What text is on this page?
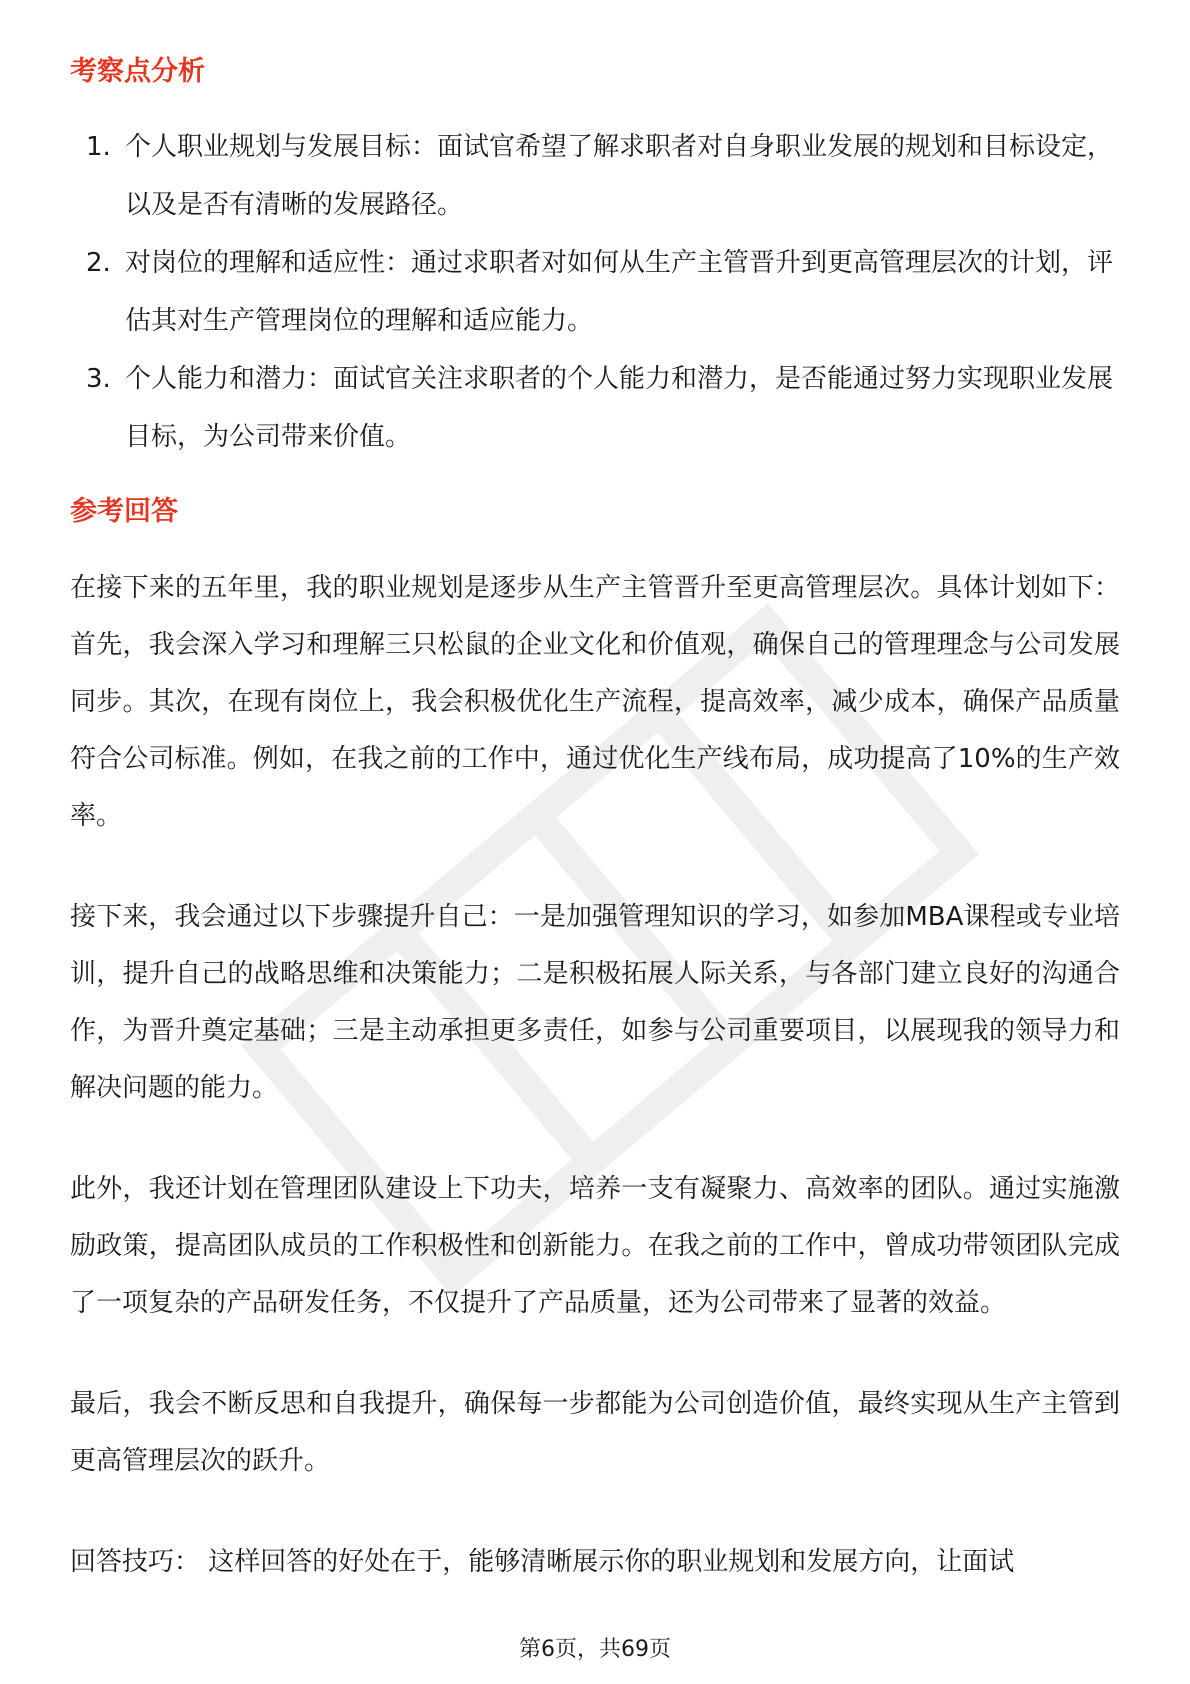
考察点分析
1. 个人职业规划与发展目标：面试官希望了解求职者对自身职业发展的规划和目标设定，以及是否有清晰的发展路径。
2. 对岗位的理解和适应性：通过求职者对如何从生产主管晋升到更高管理层次的计划，评估其对生产管理岗位的理解和适应能力。
3. 个人能力和潜力：面试官关注求职者的个人能力和潜力，是否能通过努力实现职业发展目标，为公司带来价值。
参考回答

在接下来的五年里，我的职业规划是逐步从生产主管晋升至更高管理层次。具体计划如下：首先，我会深入学习和理解三只松鼠的企业文化和价值观，确保自己的管理理念与公司发展同步。其次，在现有岗位上，我会积极优化生产流程，提高效率，减少成本，确保产品质量符合公司标准。例如，在我之前的工作中，通过优化生产线布局，成功提高了10%的生产效率。

接下来，我会通过以下步骤提升自己：一是加强管理知识的学习，如参加MBA课程或专业培训，提升自己的战略思维和决策能力；二是积极拓展人际关系，与各部门建立良好的沟通合作，为晋升奠定基础；三是主动承担更多责任，如参与公司重要项目，以展现我的领导力和解决问题的能力。

此外，我还计划在管理团队建设上下功夫，培养一支有凝聚力、高效率的团队。通过实施激励政策，提高团队成员的工作积极性和创新能力。在我之前的工作中，曾成功带领团队完成了一项复杂的产品研发任务，不仅提升了产品质量，还为公司带来了显著的效益。

最后，我会不断反思和自我提升，确保每一步都能为公司创造价值，最终实现从生产主管到更高管理层次的跃升。

回答技巧： 这样回答的好处在于，能够清晰展示你的职业规划和发展方向，让面试

第6页，共69页
